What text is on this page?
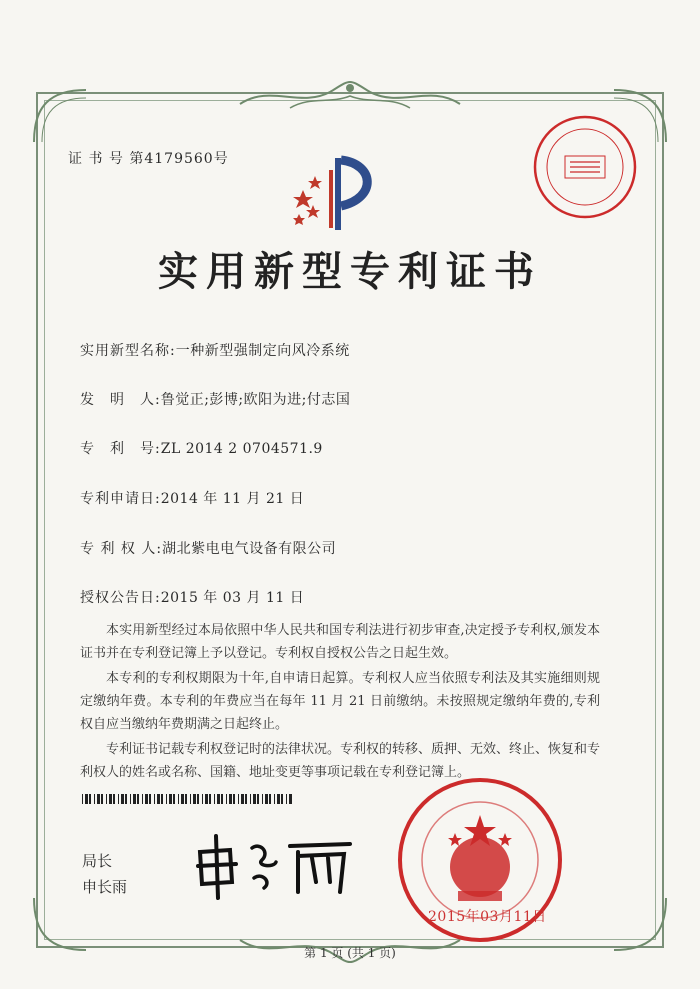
证 书 号 第4179560号
实用新型专利证书
实用新型名称:一种新型强制定向风冷系统
发　明　人:鲁觉正;彭博;欧阳为进;付志国
专　利　号:ZL 2014 2 0704571.9
专利申请日:2014 年 11 月 21 日
专 利 权 人:湖北紫电电气设备有限公司
授权公告日:2015 年 03 月 11 日

本实用新型经过本局依照中华人民共和国专利法进行初步审查,决定授予专利权,颁发本证书并在专利登记簿上予以登记。专利权自授权公告之日起生效。

本专利的专利权期限为十年,自申请日起算。专利权人应当依照专利法及其实施细则规定缴纳年费。本专利的年费应当在每年 11 月 21 日前缴纳。未按照规定缴纳年费的,专利权自应当缴纳年费期满之日起终止。

专利证书记载专利权登记时的法律状况。专利权的转移、质押、无效、终止、恢复和专利权人的姓名或名称、国籍、地址变更等事项记载在专利登记簿上。

局长
申长雨
2015年03月11日
第 1 页 (共 1 页)
